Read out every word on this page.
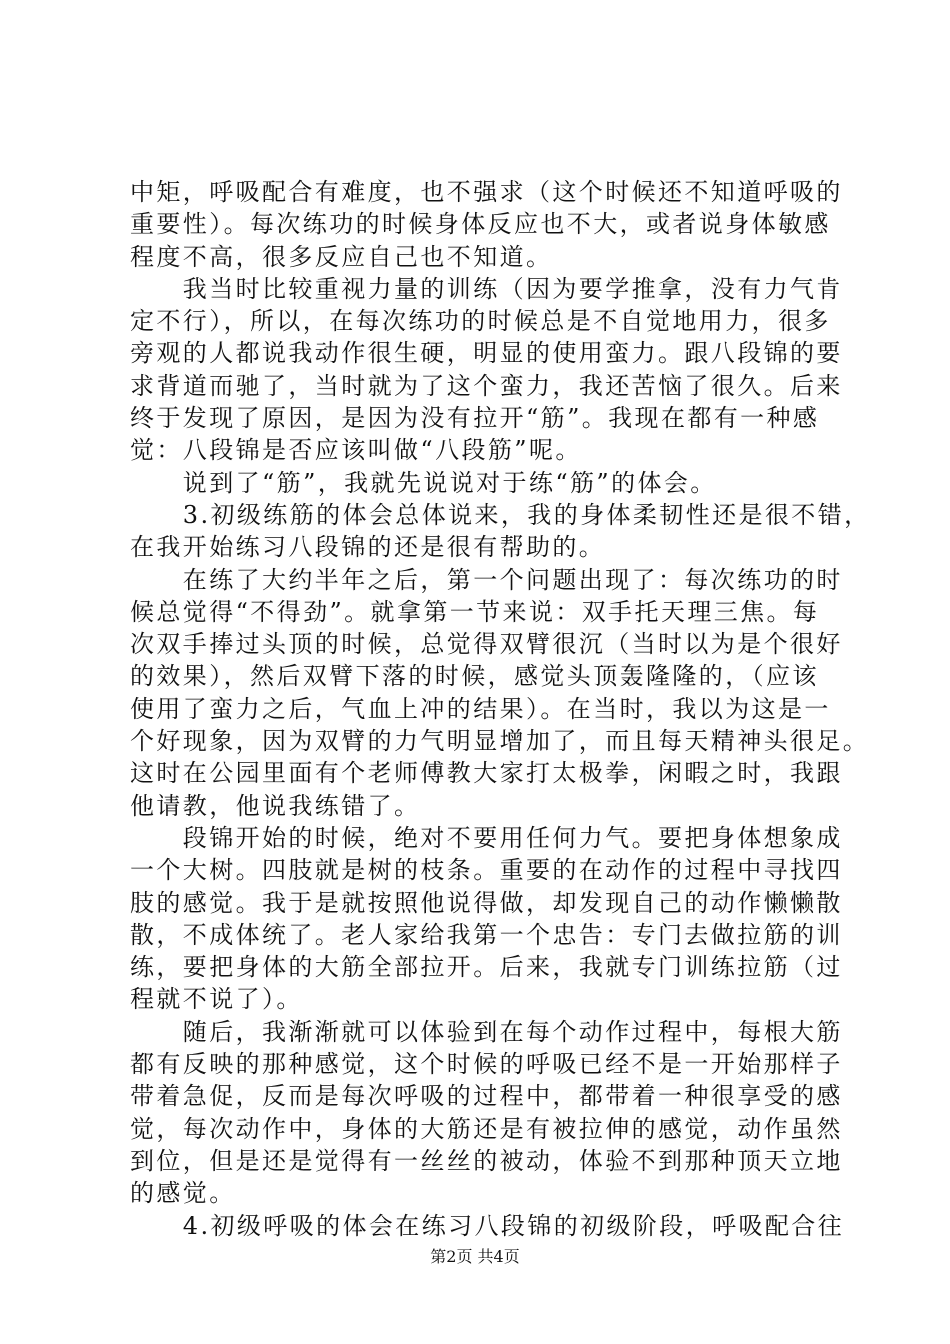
中矩，呼吸配合有难度，也不强求（这个时候还不知道呼吸的
重要性）。每次练功的时候身体反应也不大，或者说身体敏感
程度不高，很多反应自己也不知道。
　　我当时比较重视力量的训练（因为要学推拿，没有力气肯
定不行），所以，在每次练功的时候总是不自觉地用力，很多
旁观的人都说我动作很生硬，明显的使用蛮力。跟八段锦的要
求背道而驰了，当时就为了这个蛮力，我还苦恼了很久。后来
终于发现了原因，是因为没有拉开“筋”。我现在都有一种感
觉：八段锦是否应该叫做“八段筋”呢。
　　说到了“筋”，我就先说说对于练“筋”的体会。
　　3.初级练筋的体会总体说来，我的身体柔韧性还是很不错，
在我开始练习八段锦的还是很有帮助的。
　　在练了大约半年之后，第一个问题出现了：每次练功的时
候总觉得“不得劲”。就拿第一节来说：双手托天理三焦。每
次双手捧过头顶的时候，总觉得双臂很沉（当时以为是个很好
的效果），然后双臂下落的时候，感觉头顶轰隆隆的，（应该
使用了蛮力之后，气血上冲的结果）。在当时，我以为这是一
个好现象，因为双臂的力气明显增加了，而且每天精神头很足。
这时在公园里面有个老师傅教大家打太极拳，闲暇之时，我跟
他请教，他说我练错了。
　　段锦开始的时候，绝对不要用任何力气。要把身体想象成
一个大树。四肢就是树的枝条。重要的在动作的过程中寻找四
肢的感觉。我于是就按照他说得做，却发现自己的动作懒懒散
散，不成体统了。老人家给我第一个忠告：专门去做拉筋的训
练，要把身体的大筋全部拉开。后来，我就专门训练拉筋（过
程就不说了）。
　　随后，我渐渐就可以体验到在每个动作过程中，每根大筋
都有反映的那种感觉，这个时候的呼吸已经不是一开始那样子
带着急促，反而是每次呼吸的过程中，都带着一种很享受的感
觉，每次动作中，身体的大筋还是有被拉伸的感觉，动作虽然
到位，但是还是觉得有一丝丝的被动，体验不到那种顶天立地
的感觉。
　　4.初级呼吸的体会在练习八段锦的初级阶段，呼吸配合往
第2页 共4页
